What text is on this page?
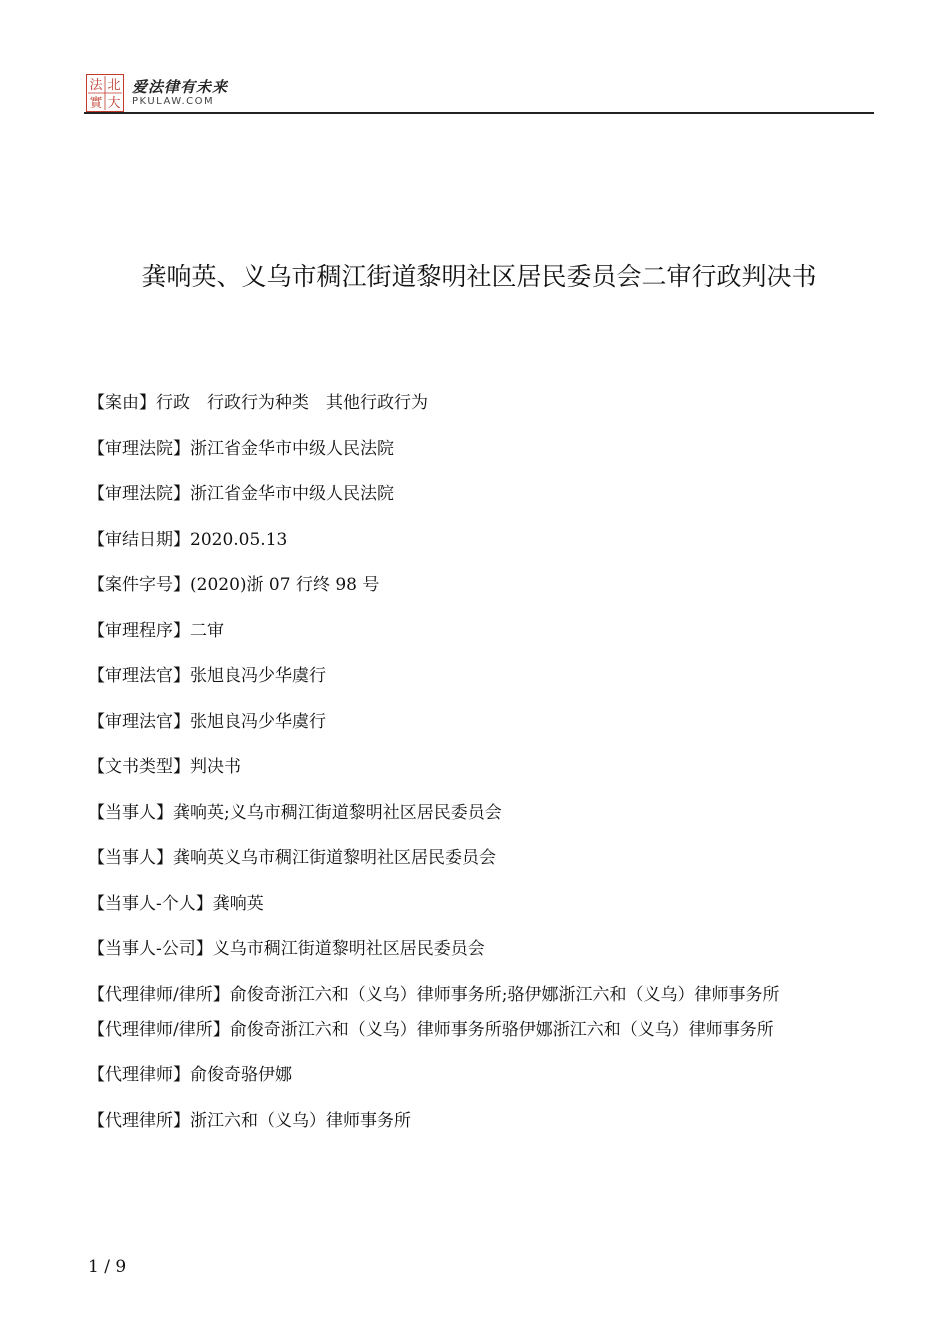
法 北
實 大
爱法律有未来
PKULAW.COM
龚响英、义乌市稠江街道黎明社区居民委员会二审行政判决书
【案由】行政　行政行为种类　其他行政行为
【审理法院】浙江省金华市中级人民法院
【审理法院】浙江省金华市中级人民法院
【审结日期】2020.05.13
【案件字号】(2020)浙 07 行终 98 号
【审理程序】二审
【审理法官】张旭良冯少华虞行
【审理法官】张旭良冯少华虞行
【文书类型】判决书
【当事人】龚响英;义乌市稠江街道黎明社区居民委员会
【当事人】龚响英义乌市稠江街道黎明社区居民委员会
【当事人-个人】龚响英
【当事人-公司】义乌市稠江街道黎明社区居民委员会
【代理律师/律所】俞俊奇浙江六和（义乌）律师事务所;骆伊娜浙江六和（义乌）律师事务所
【代理律师/律所】俞俊奇浙江六和（义乌）律师事务所骆伊娜浙江六和（义乌）律师事务所
【代理律师】俞俊奇骆伊娜
【代理律所】浙江六和（义乌）律师事务所
1 / 9
